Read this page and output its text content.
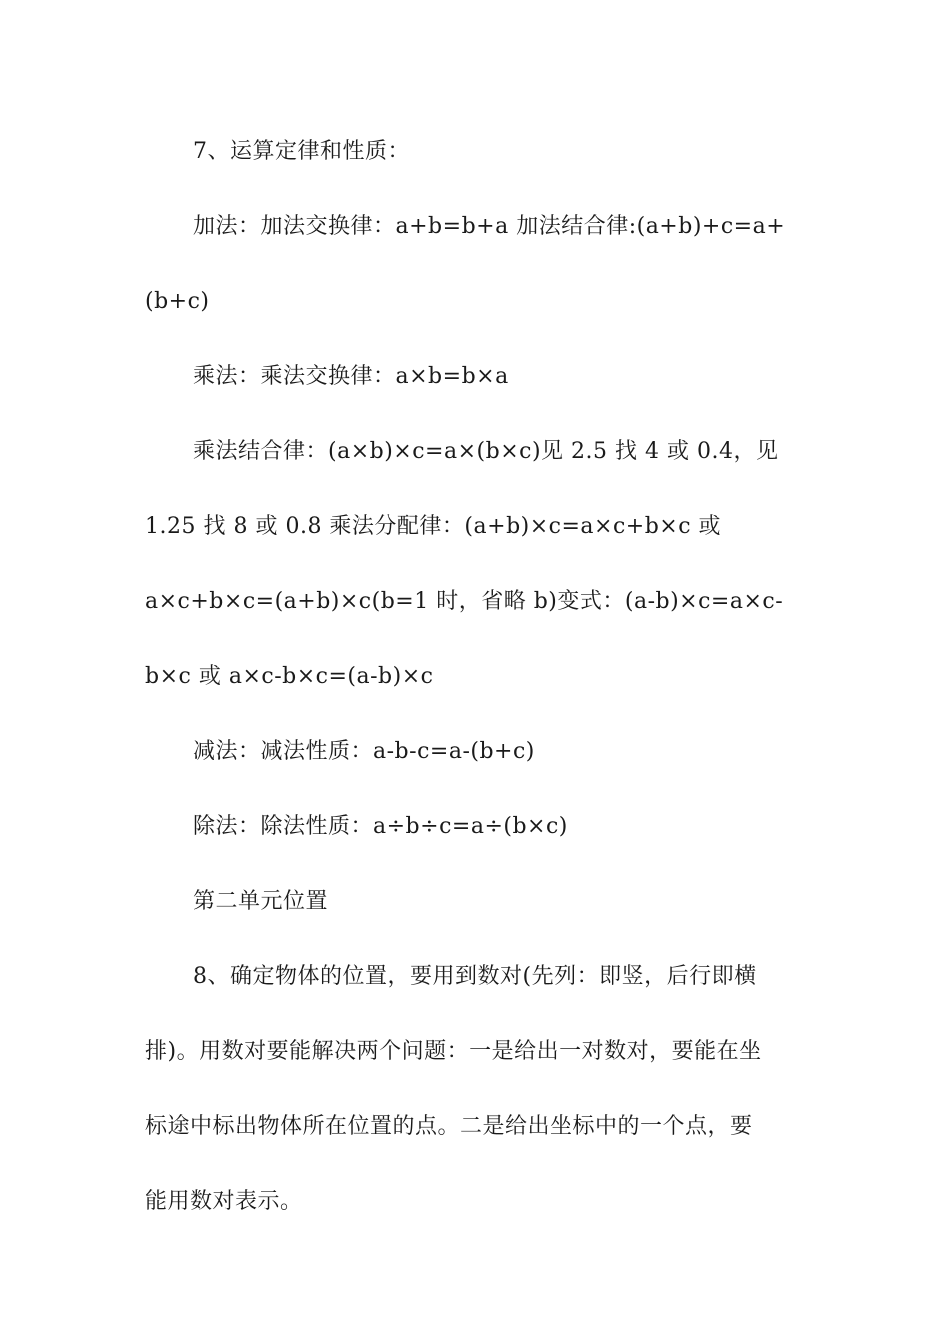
7、运算定律和性质：
加法：加法交换律：a+b=b+a 加法结合律:(a+b)+c=a+
(b+c)
乘法：乘法交换律：a×b=b×a
乘法结合律：(a×b)×c=a×(b×c)见 2.5 找 4 或 0.4，见
1.25 找 8 或 0.8 乘法分配律：(a+b)×c=a×c+b×c 或
a×c+b×c=(a+b)×c(b=1 时，省略 b)变式：(a-b)×c=a×c-
b×c 或 a×c-b×c=(a-b)×c
减法：减法性质：a-b-c=a-(b+c)
除法：除法性质：a÷b÷c=a÷(b×c)
第二单元位置
8、确定物体的位置，要用到数对(先列：即竖，后行即横
排)。用数对要能解决两个问题：一是给出一对数对，要能在坐
标途中标出物体所在位置的点。二是给出坐标中的一个点，要
能用数对表示。
